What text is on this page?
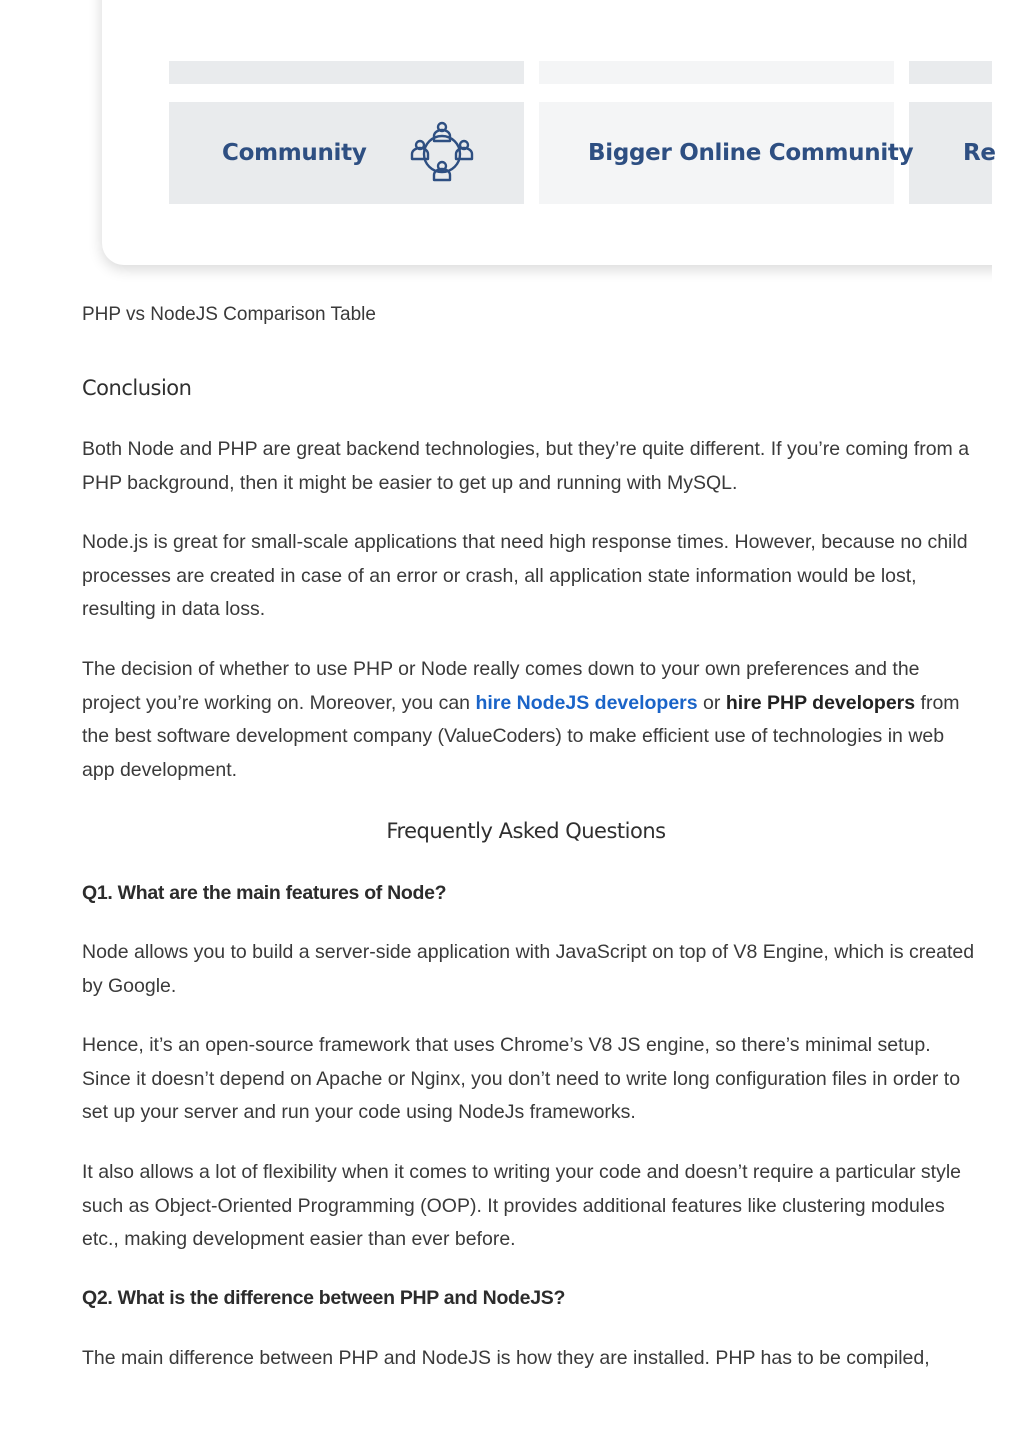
Community	Bigger Online Community Re

PHP vs NodeJS Comparison Table

Conclusion

Both Node and PHP are great backend technologies, but they’re quite different. If you’re coming from a PHP background, then it might be easier to get up and running with MySQL.

Node.js is great for small-scale applications that need high response times. However, because no child processes are created in case of an error or crash, all application state information would be lost, resulting in data loss.

The decision of whether to use PHP or Node really comes down to your own preferences and the project you’re working on. Moreover, you can hire NodeJS developers or hire PHP developers from the best software development company (ValueCoders) to make efficient use of technologies in web app development.

Frequently Asked Questions
Q1. What are the main features of Node?

Node allows you to build a server-side application with JavaScript on top of V8 Engine, which is created by Google.

Hence, it’s an open-source framework that uses Chrome’s V8 JS engine, so there’s minimal setup. Since it doesn’t depend on Apache or Nginx, you don’t need to write long configuration files in order to set up your server and run your code using NodeJs frameworks.

It also allows a lot of flexibility when it comes to writing your code and doesn’t require a particular style such as Object-Oriented Programming (OOP). It provides additional features like clustering modules etc., making development easier than ever before.

Q2. What is the difference between PHP and NodeJS?

The main difference between PHP and NodeJS is how they are installed. PHP has to be compiled,
